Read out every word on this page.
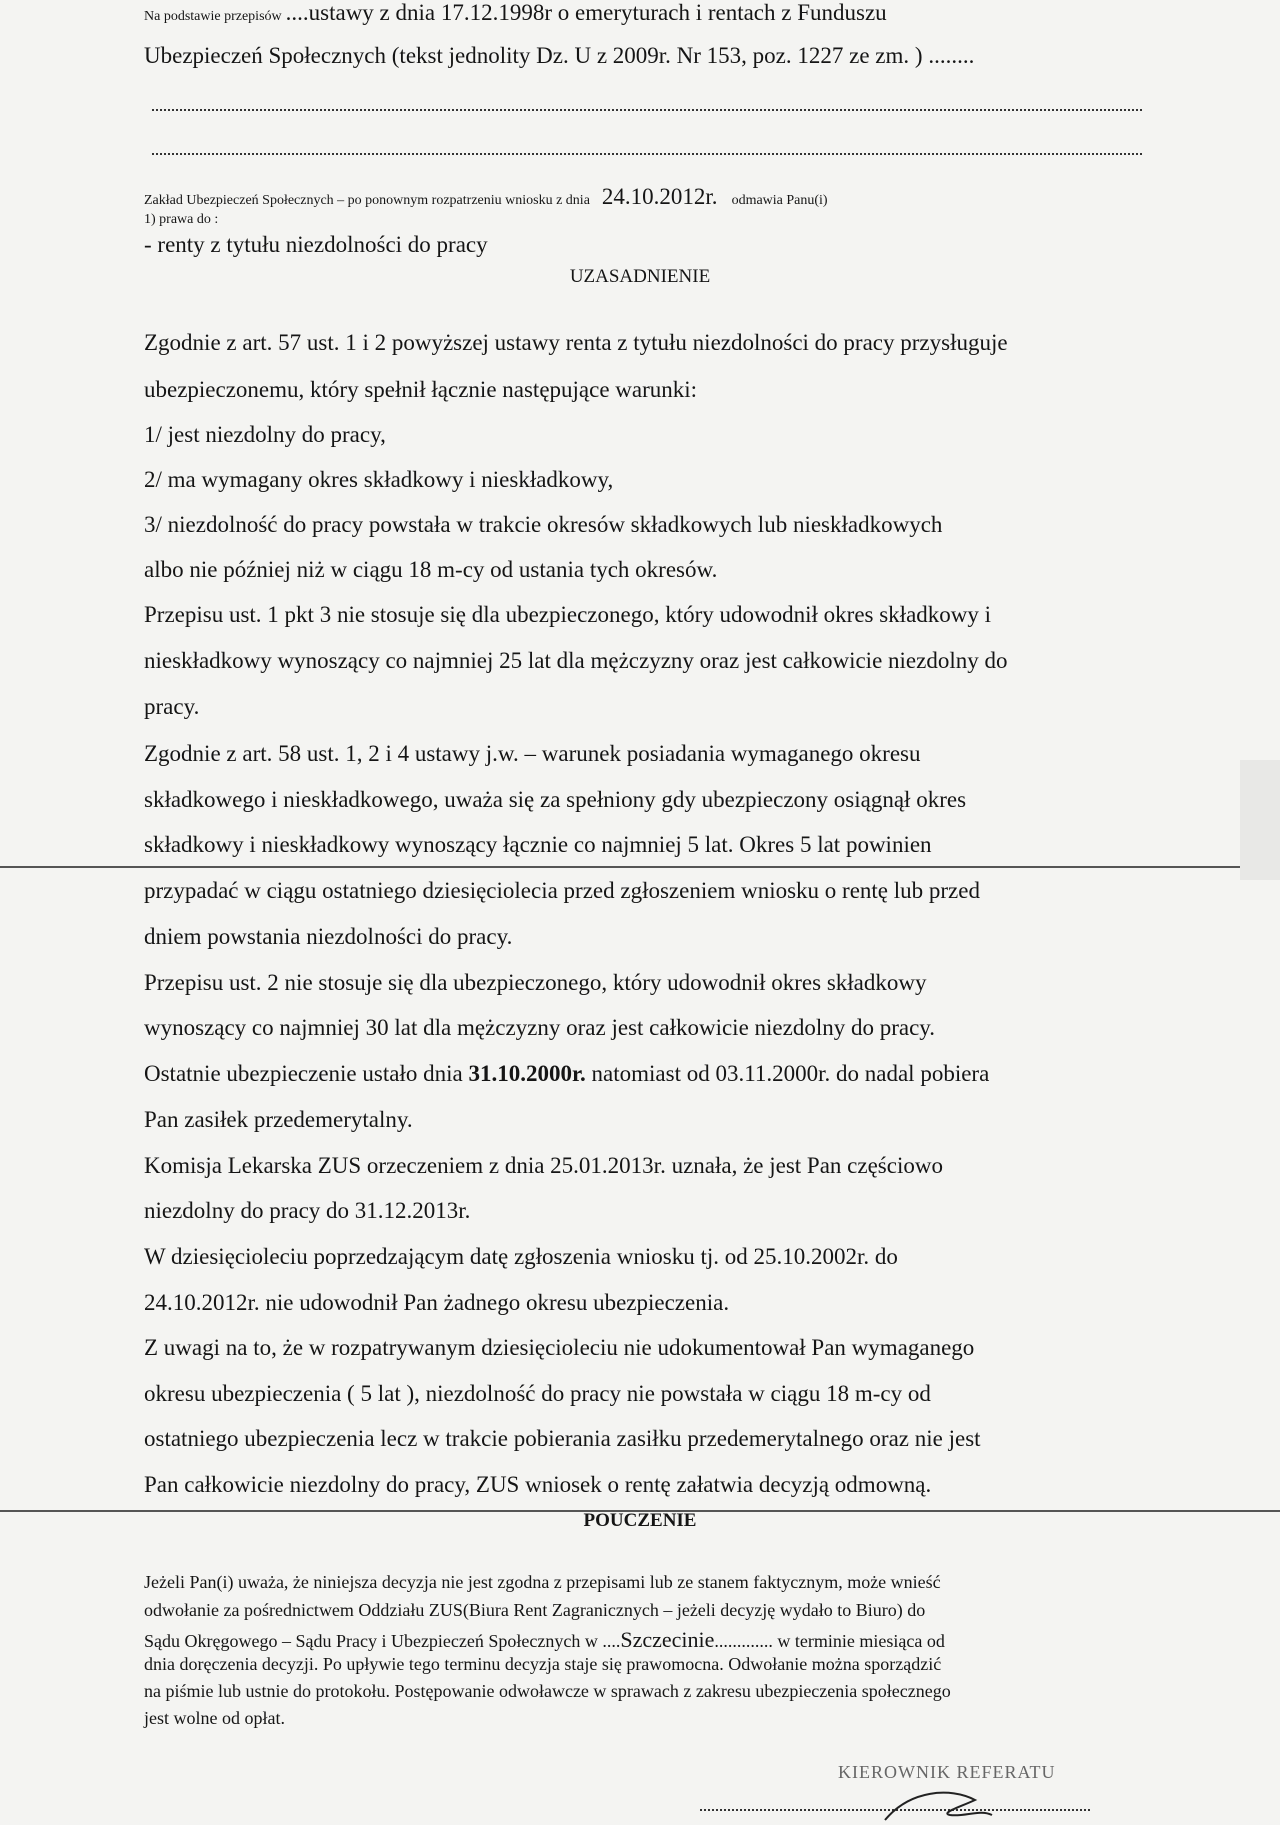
Na podstawie przepisów ....ustawy z dnia 17.12.1998r o emeryturach i rentach z Funduszu
Ubezpieczeń Społecznych (tekst jednolity Dz. U z 2009r. Nr 153, poz. 1227 ze zm. ) ........
Zakład Ubezpieczeń Społecznych – po ponownym rozpatrzeniu wniosku z dnia 24.10.2012r. odmawia Panu(i)
1) prawa do :
- renty z tytułu niezdolności do pracy
UZASADNIENIE
Zgodnie z art. 57 ust. 1 i 2 powyższej ustawy renta z tytułu niezdolności do pracy przysługuje
ubezpieczonemu, który spełnił łącznie następujące warunki:
1/ jest niezdolny do pracy,
2/ ma wymagany okres składkowy i nieskładkowy,
3/ niezdolność do pracy powstała w trakcie okresów składkowych lub nieskładkowych
albo nie później niż w ciągu 18 m-cy od ustania tych okresów.
Przepisu ust. 1 pkt 3 nie stosuje się dla ubezpieczonego, który udowodnił okres składkowy i
nieskładkowy wynoszący co najmniej 25 lat dla mężczyzny oraz jest całkowicie niezdolny do
pracy.
Zgodnie z art. 58 ust. 1, 2 i 4 ustawy j.w. – warunek posiadania wymaganego okresu
składkowego i nieskładkowego, uważa się za spełniony gdy ubezpieczony osiągnął okres
składkowy i nieskładkowy wynoszący łącznie co najmniej 5 lat. Okres 5 lat powinien
przypadać w ciągu ostatniego dziesięciolecia przed zgłoszeniem wniosku o rentę lub przed
dniem powstania niezdolności do pracy.
Przepisu ust. 2 nie stosuje się dla ubezpieczonego, który udowodnił okres składkowy
wynoszący co najmniej 30 lat dla mężczyzny oraz jest całkowicie niezdolny do pracy.
Ostatnie ubezpieczenie ustało dnia 31.10.2000r. natomiast od 03.11.2000r. do nadal pobiera
Pan zasiłek przedemerytalny.
Komisja Lekarska ZUS orzeczeniem z dnia 25.01.2013r. uznała, że jest Pan częściowo
niezdolny do pracy do 31.12.2013r.
W dziesięcioleciu poprzedzającym datę zgłoszenia wniosku tj. od 25.10.2002r. do
24.10.2012r. nie udowodnił Pan żadnego okresu ubezpieczenia.
Z uwagi na to, że w rozpatrywanym dziesięcioleciu nie udokumentował Pan wymaganego
okresu ubezpieczenia ( 5 lat ), niezdolność do pracy nie powstała w ciągu 18 m-cy od
ostatniego ubezpieczenia lecz w trakcie pobierania zasiłku przedemerytalnego oraz nie jest
Pan całkowicie niezdolny do pracy, ZUS wniosek o rentę załatwia decyzją odmowną.
POUCZENIE
Jeżeli Pan(i) uważa, że niniejsza decyzja nie jest zgodna z przepisami lub ze stanem faktycznym, może wnieść
odwołanie za pośrednictwem Oddziału ZUS(Biura Rent Zagranicznych – jeżeli decyzję wydało to Biuro) do
Sądu Okręgowego – Sądu Pracy i Ubezpieczeń Społecznych w ....Szczecinie............. w terminie miesiąca od
dnia doręczenia decyzji. Po upływie tego terminu decyzja staje się prawomocna. Odwołanie można sporządzić
na piśmie lub ustnie do protokołu. Postępowanie odwoławcze w sprawach z zakresu ubezpieczenia społecznego
jest wolne od opłat.
KIEROWNIK REFERATU
